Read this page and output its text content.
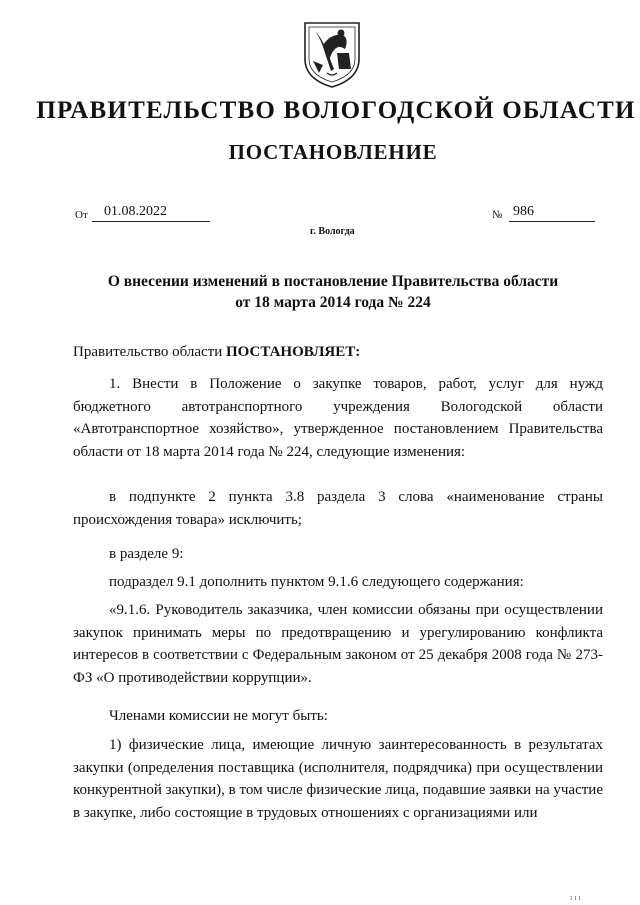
ПРАВИТЕЛЬСТВО ВОЛОГОДСКОЙ ОБЛАСТИ
ПОСТАНОВЛЕНИЕ
От	01.08.2022	№ 986
г. Вологда
О внесении изменений в постановление Правительства области
от 18 марта 2014 года № 224
Правительство области ПОСТАНОВЛЯЕТ:
1. Внести в Положение о закупке товаров, работ, услуг для нужд бюджетного автотранспортного учреждения Вологодской области «Автотранспортное хозяйство», утвержденное постановлением Правительства области от 18 марта 2014 года № 224, следующие изменения:
в подпункте 2 пункта 3.8 раздела 3 слова «наименование страны происхождения товара» исключить;
в разделе 9:
подраздел 9.1 дополнить пунктом 9.1.6 следующего содержания:
«9.1.6. Руководитель заказчика, член комиссии обязаны при осуществлении закупок принимать меры по предотвращению и урегулированию конфликта интересов в соответствии с Федеральным законом от 25 декабря 2008 года № 273-ФЗ «О противодействии коррупции».
Членами комиссии не могут быть:
1) физические лица, имеющие личную заинтересованность в результатах закупки (определения поставщика (исполнителя, подрядчика) при осуществлении конкурентной закупки), в том числе физические лица, подавшие заявки на участие в закупке, либо состоящие в трудовых отношениях с организациями или
ı ı ı
